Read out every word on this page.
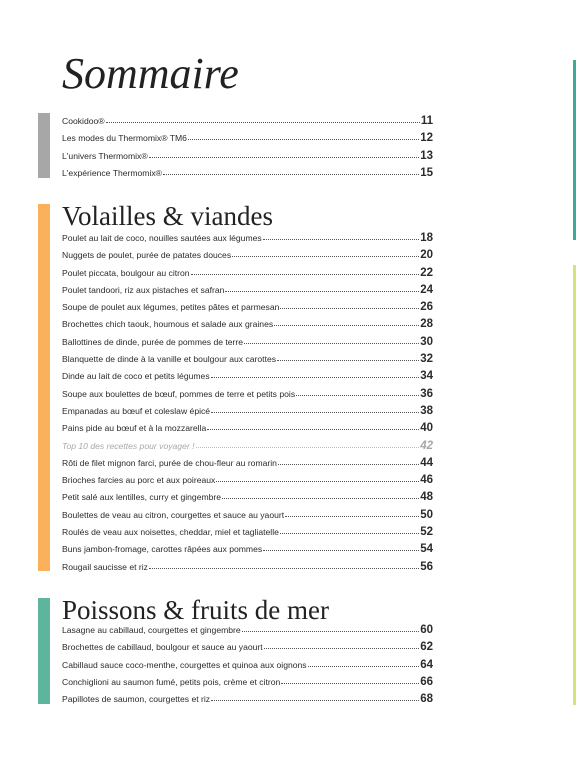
Sommaire
Cookidoo®	11
Les modes du Thermomix® TM6	12
L'univers Thermomix®	13
L'expérience Thermomix®	15
Volailles & viandes
Poulet au lait de coco, nouilles sautées aux légumes	18
Nuggets de poulet, purée de patates douces	20
Poulet piccata, boulgour au citron	22
Poulet tandoori, riz aux pistaches et safran	24
Soupe de poulet aux légumes, petites pâtes et parmesan	26
Brochettes chich taouk, houmous et salade aux graines	28
Ballottines de dinde, purée de pommes de terre	30
Blanquette de dinde à la vanille et boulgour aux carottes	32
Dinde au lait de coco et petits légumes	34
Soupe aux boulettes de bœuf, pommes de terre et petits pois	36
Empanadas au bœuf et coleslaw épicé	38
Pains pide au bœuf et à la mozzarella	40
Top 10 des recettes pour voyager !	42
Rôti de filet mignon farci, purée de chou-fleur au romarin	44
Brioches farcies au porc et aux poireaux	46
Petit salé aux lentilles, curry et gingembre	48
Boulettes de veau au citron, courgettes et sauce au yaourt	50
Roulés de veau aux noisettes, cheddar, miel et tagliatelle	52
Buns jambon-fromage, carottes râpées aux pommes	54
Rougail saucisse et riz	56
Poissons & fruits de mer
Lasagne au cabillaud, courgettes et gingembre	60
Brochettes de cabillaud, boulgour et sauce au yaourt	62
Cabillaud sauce coco-menthe, courgettes et quinoa aux oignons	64
Conchiglioni au saumon fumé, petits pois, crème et citron	66
Papillotes de saumon, courgettes et riz	68
